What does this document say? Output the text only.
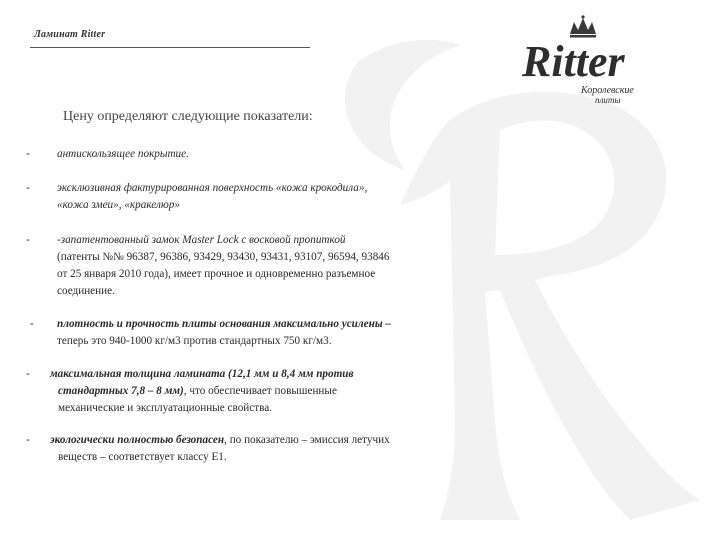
Ламинат Ritter
Ritter
Королевские
плиты
Цену определяют следующие показатели:
- антискользящее покрытие.
- эксклюзивная фактурированная поверхность «кожа крокодила»,
«кожа змеи», «кракелюр»
- -запатентованный замок Master Lock с восковой пропиткой
(патенты №№ 96387, 96386, 93429, 93430, 93431, 93107, 96594, 93846
от 25 января 2010 года), имеет прочное и одновременно разъемное
соединение.
- плотность и прочность плиты основания максимально усилены –
теперь это 940-1000 кг/м3 против стандартных 750 кг/м3.
- максимальная толщина ламината (12,1 мм и 8,4 мм против
стандартных 7,8 – 8 мм), что обеспечивает повышенные
механические и эксплуатационные свойства.
- экологически полностью безопасен, по показателю – эмиссия летучих
веществ – соответствует классу Е1.
